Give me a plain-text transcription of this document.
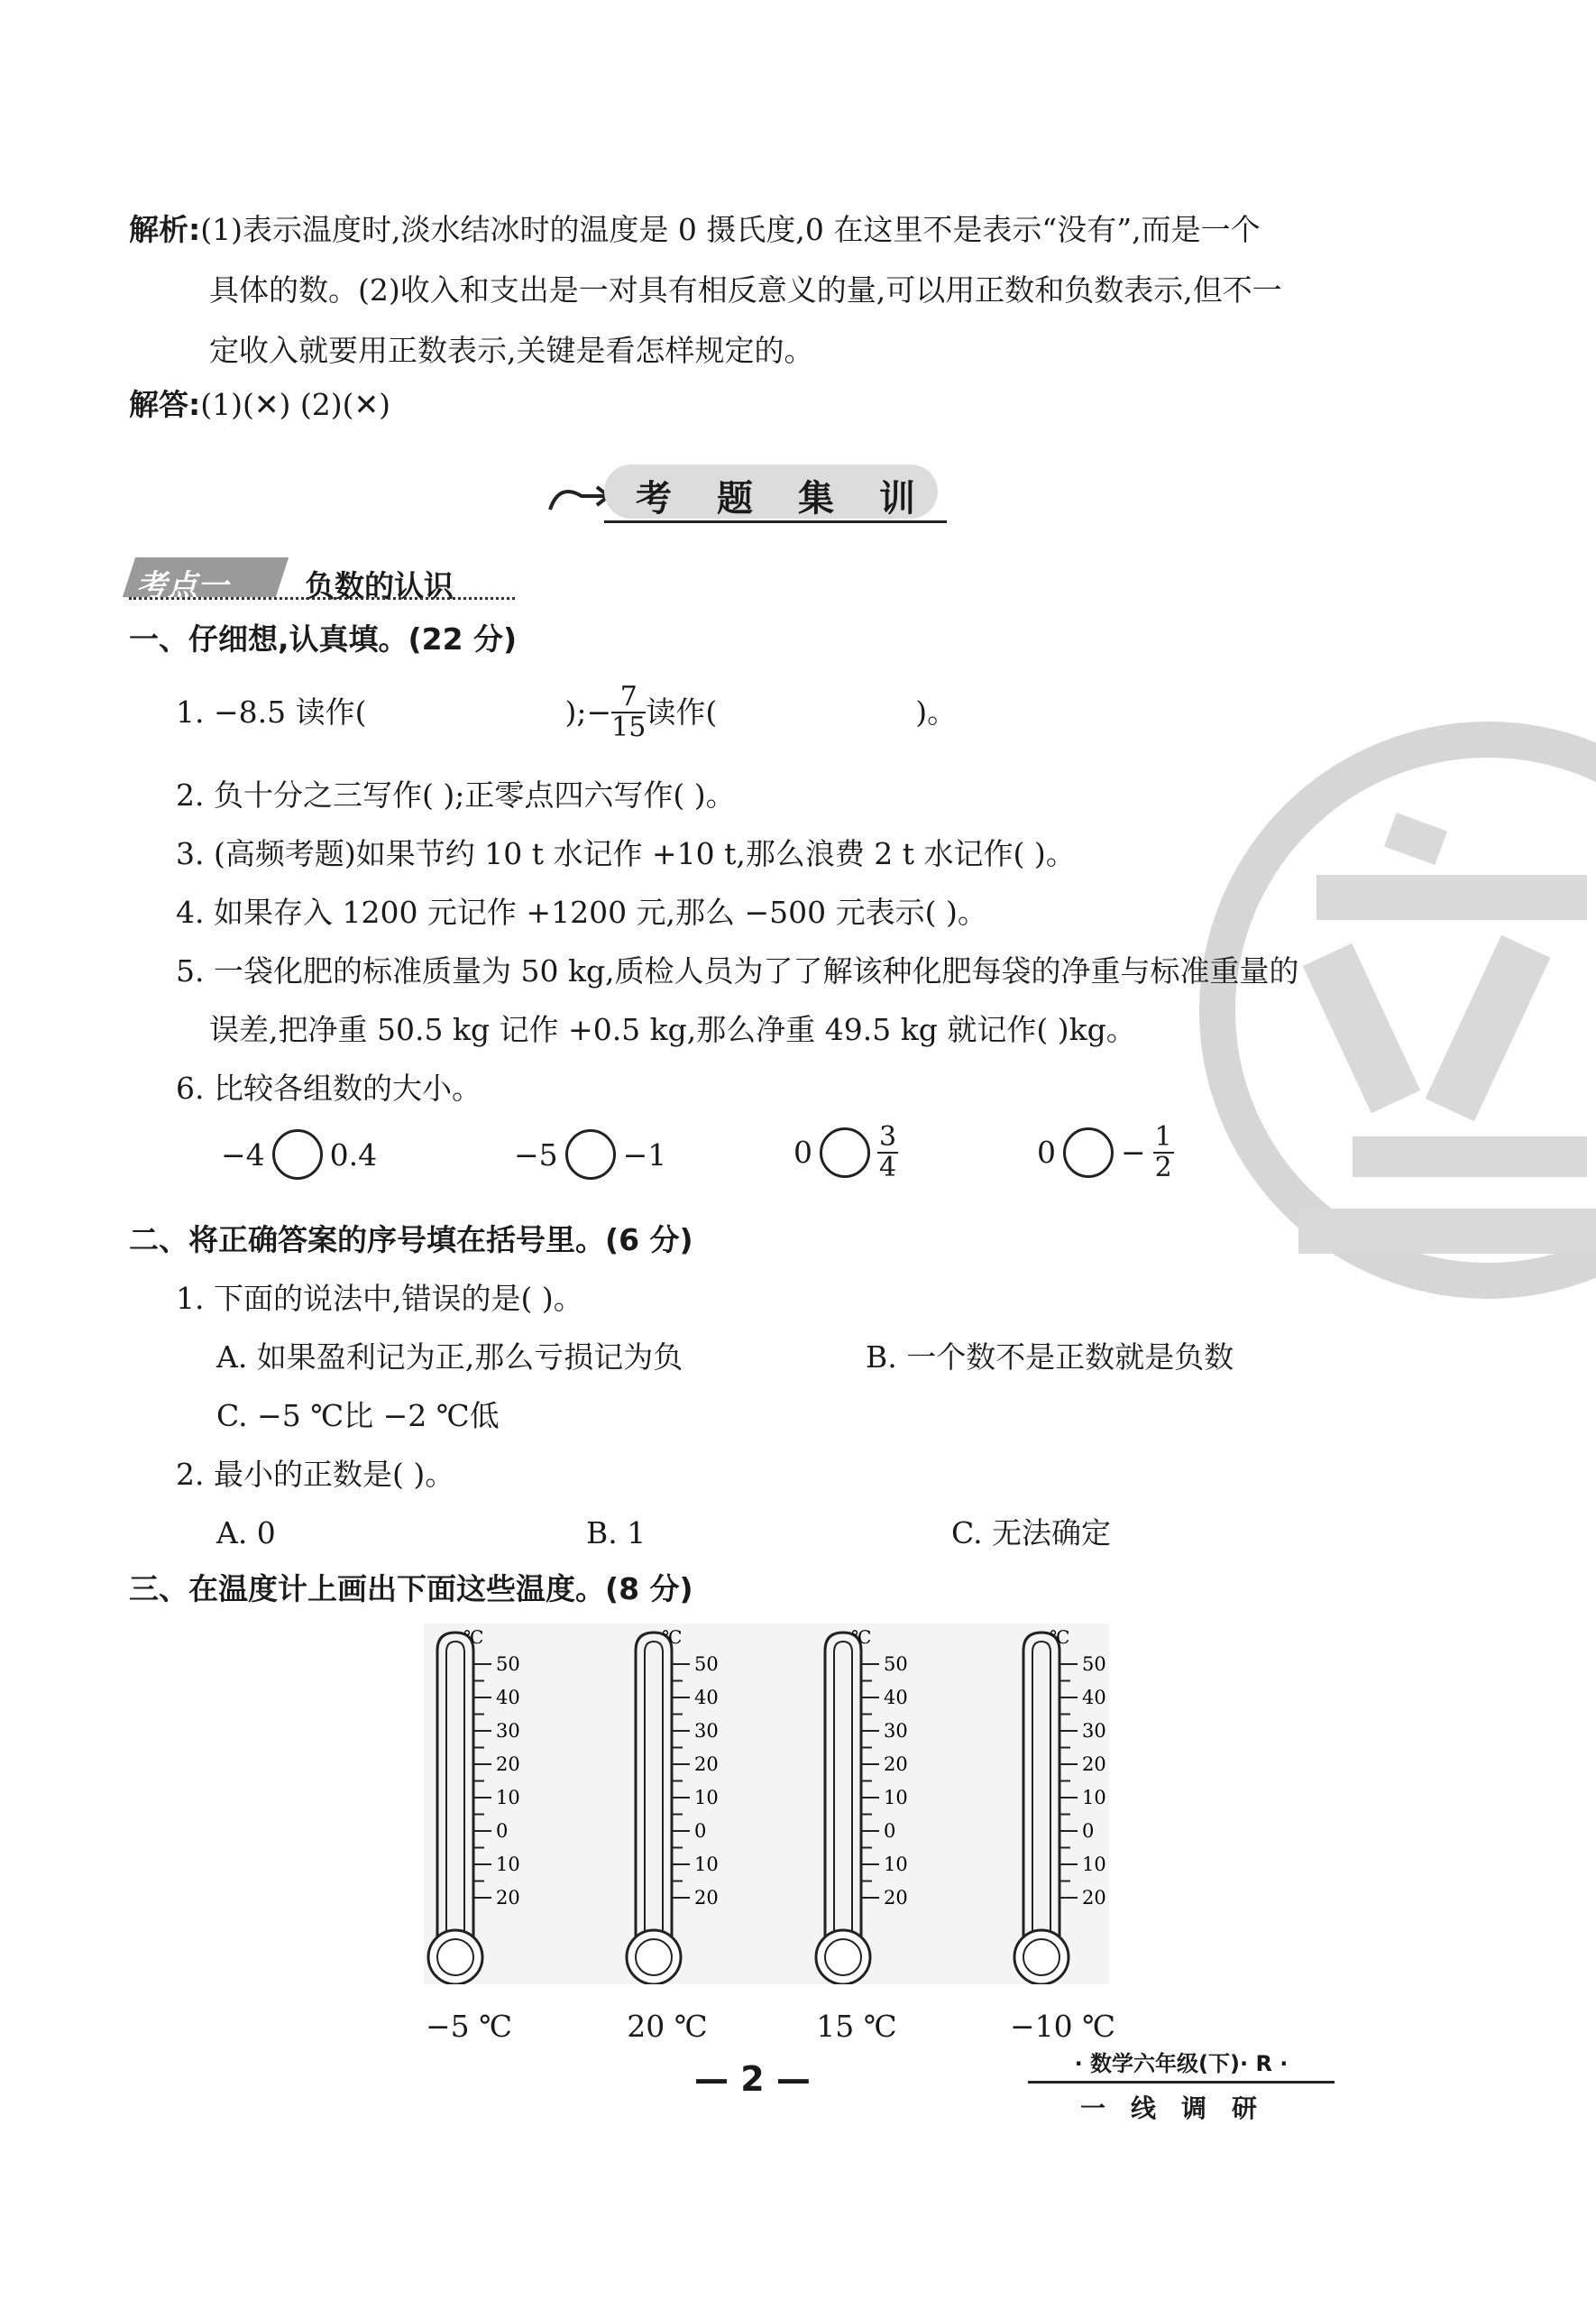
解析:(1)表示温度时,淡水结冰时的温度是 0 摄氏度,0 在这里不是表示“没有”,而是一个
具体的数。(2)收入和支出是一对具有相反意义的量,可以用正数和负数表示,但不一
定收入就要用正数表示,关键是看怎样规定的。
解答:(1)(✕) (2)(✕)
考 题 集 训
考点一	负数的认识
一、仔细想,认真填。(22 分)
1. −8.5 读作(	);− $\frac{7}{15}$ 读作(	)。
2. 负十分之三写作( );正零点四六写作( )。
3. (高频考题)如果节约 10 t 水记作 +10 t,那么浪费 2 t 水记作( )。
4. 如果存入 1200 元记作 +1200 元,那么 −500 元表示( )。
5. 一袋化肥的标准质量为 50 kg,质检人员为了了解该种化肥每袋的净重与标准重量的
误差,把净重 50.5 kg 记作 +0.5 kg,那么净重 49.5 kg 就记作( )kg。
6. 比较各组数的大小。
−4 0.4	−5 −1	$0 \frac{3}{4}$	$0 - \frac{1}{2}$
二、将正确答案的序号填在括号里。(6 分)
1. 下面的说法中,错误的是( )。
A. 如果盈利记为正,那么亏损记为负	B. 一个数不是正数就是负数
C. −5 ℃比 −2 ℃低
2. 最小的正数是( )。
A. 0	B. 1	C. 无法确定
三、在温度计上画出下面这些温度。(8 分)
℃
50
40
30
20
10
0
10
20
−5 ℃
℃
50
40
30
20
10
0
10
20
20 ℃
℃
50
40
30
20
10
0
10
20
15 ℃
℃
50
40
30
20
10
0
10
20
−10 ℃
— 2 —	· 数学六年级(下)· R ·
一线调研
